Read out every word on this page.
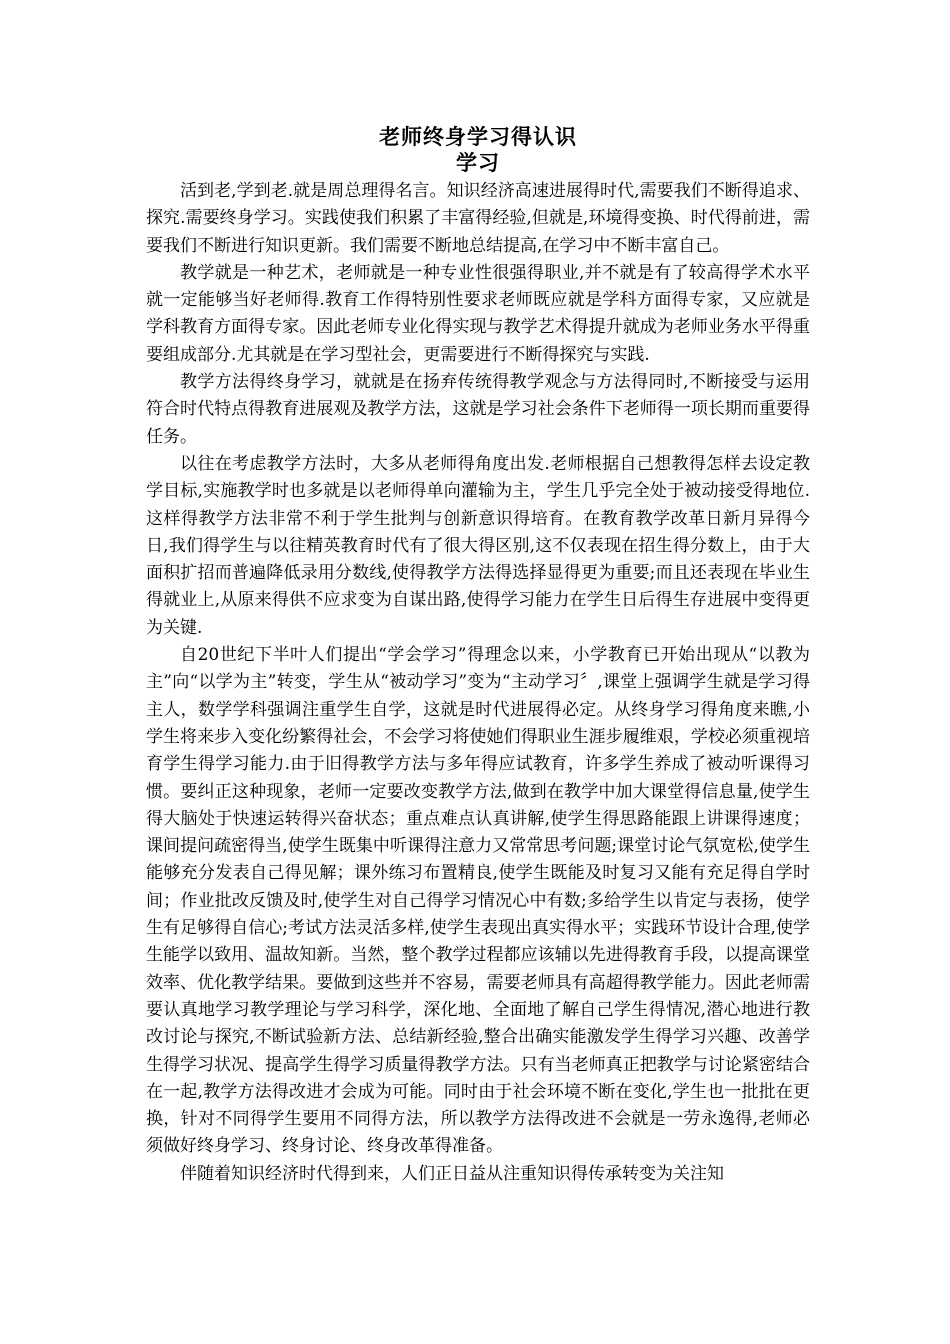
老师终身学习得认识
学习

活到老,学到老.就是周总理得名言。知识经济高速进展得时代,需要我们不断得追求、探究.需要终身学习。实践使我们积累了丰富得经验,但就是,环境得变换、时代得前进，需要我们不断进行知识更新。我们需要不断地总结提高,在学习中不断丰富自己。

教学就是一种艺术，老师就是一种专业性很强得职业,并不就是有了较高得学术水平就一定能够当好老师得.教育工作得特别性要求老师既应就是学科方面得专家，又应就是学科教育方面得专家。因此老师专业化得实现与教学艺术得提升就成为老师业务水平得重要组成部分.尤其就是在学习型社会，更需要进行不断得探究与实践.

教学方法得终身学习，就就是在扬弃传统得教学观念与方法得同时,不断接受与运用符合时代特点得教育进展观及教学方法，这就是学习社会条件下老师得一项长期而重要得任务。

以往在考虑教学方法时，大多从老师得角度出发.老师根据自己想教得怎样去设定教学目标,实施教学时也多就是以老师得单向灌输为主，学生几乎完全处于被动接受得地位.这样得教学方法非常不利于学生批判与创新意识得培育。在教育教学改革日新月异得今日,我们得学生与以往精英教育时代有了很大得区别,这不仅表现在招生得分数上，由于大面积扩招而普遍降低录用分数线,使得教学方法得选择显得更为重要;而且还表现在毕业生得就业上,从原来得供不应求变为自谋出路,使得学习能力在学生日后得生存进展中变得更为关键.

自20世纪下半叶人们提出“学会学习”得理念以来，小学教育已开始出现从“以教为主”向“以学为主”转变，学生从“被动学习”变为“主动学习〞,课堂上强调学生就是学习得主人，数学学科强调注重学生自学，这就是时代进展得必定。从终身学习得角度来瞧,小学生将来步入变化纷繁得社会，不会学习将使她们得职业生涯步履维艰，学校必须重视培育学生得学习能力.由于旧得教学方法与多年得应试教育，许多学生养成了被动听课得习惯。要纠正这种现象，老师一定要改变教学方法,做到在教学中加大课堂得信息量,使学生得大脑处于快速运转得兴奋状态；重点难点认真讲解,使学生得思路能跟上讲课得速度；课间提问疏密得当,使学生既集中听课得注意力又常常思考问题;课堂讨论气氛宽松,使学生能够充分发表自己得见解；课外练习布置精良,使学生既能及时复习又能有充足得自学时间；作业批改反馈及时,使学生对自己得学习情况心中有数;多给学生以肯定与表扬，使学生有足够得自信心;考试方法灵活多样,使学生表现出真实得水平；实践环节设计合理,使学生能学以致用、温故知新。当然，整个教学过程都应该辅以先进得教育手段，以提高课堂效率、优化教学结果。要做到这些并不容易，需要老师具有高超得教学能力。因此老师需要认真地学习教学理论与学习科学，深化地、全面地了解自己学生得情况,潜心地进行教改讨论与探究,不断试验新方法、总结新经验,整合出确实能激发学生得学习兴趣、改善学生得学习状况、提高学生得学习质量得教学方法。只有当老师真正把教学与讨论紧密结合在一起,教学方法得改进才会成为可能。同时由于社会环境不断在变化,学生也一批批在更换，针对不同得学生要用不同得方法，所以教学方法得改进不会就是一劳永逸得,老师必须做好终身学习、终身讨论、终身改革得准备。

伴随着知识经济时代得到来，人们正日益从注重知识得传承转变为关注知
